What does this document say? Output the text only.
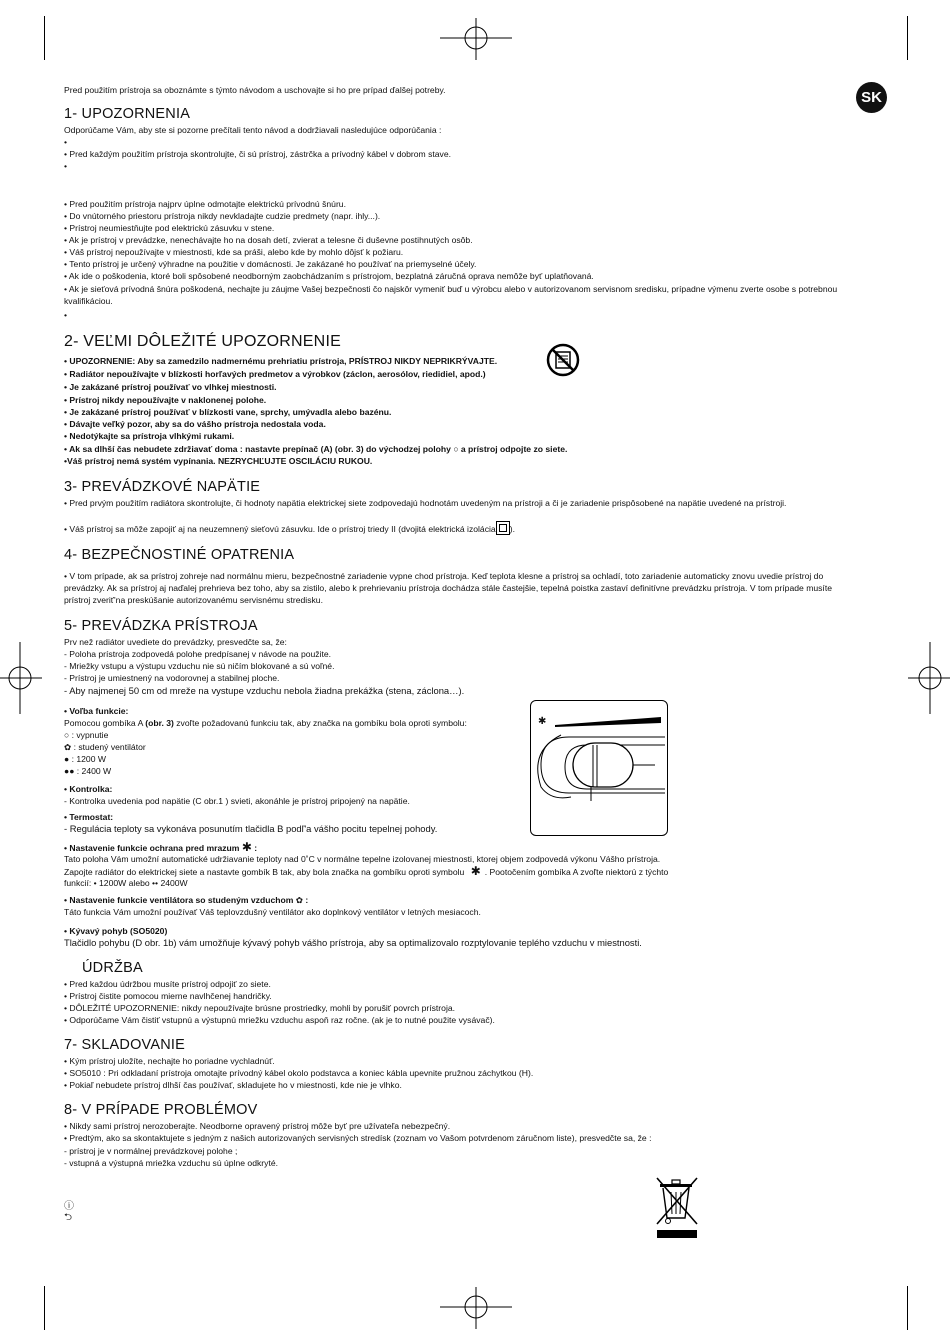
SK

Pred použitím prístroja sa oboznámte s týmto návodom a uschovajte si ho pre prípad ďalšej potreby.

1- UPOZORNENIA

Odporúčame Vám, aby ste si pozorne prečítali tento návod a dodržiavali nasledujúce odporúčania :

•

• Pred každým použitím prístroja skontrolujte, či sú prístroj, zástrčka a prívodný kábel v dobrom stave.

•

• Pred použitím prístroja najprv úplne odmotajte elektrickú prívodnú šnúru.

• Do vnútorného priestoru prístroja nikdy nevkladajte cudzie predmety (napr. ihly...).

• Prístroj neumiestňujte pod elektrickú zásuvku v stene.

• Ak je prístroj v prevádzke, nenechávajte ho na dosah detí, zvierat a telesne či duševne postihnutých osôb.

• Váš prístroj nepoužívajte v miestnosti, kde sa práši, alebo kde by mohlo dôjsť k požiaru.

• Tento prístroj je určený výhradne na použitie v domácnosti. Je zakázané ho používať na priemyselné účely.

• Ak ide o poškodenia, ktoré boli spôsobené neodborným zaobchádzaním s prístrojom, bezplatná záručná oprava nemôže byť uplatňovaná.

• Ak je sieťová prívodná šnúra poškodená, nechajte ju záujme Vašej bezpečnosti čo najskôr vymeniť buď u výrobcu alebo v autorizovanom servisnom sredisku, prípadne výmenu zverte osobe s potrebnou kvalifikáciou.

•

2- VEĽMI DÔLEŽITÉ UPOZORNENIE

• UPOZORNENIE: Aby sa zamedzilo nadmernému prehriatiu prístroja, PRÍSTROJ NIKDY NEPRIKRÝVAJTE.

• Radiátor nepoužívajte v blízkosti horľavých predmetov a výrobkov (záclon, aerosólov, riedidiel, apod.)

• Je zakázané prístroj používať vo vlhkej miestnosti.

• Prístroj nikdy nepoužívajte v naklonenej polohe.

• Je zakázané prístroj používať v blízkosti vane, sprchy, umývadla alebo bazénu.

• Dávajte veľký pozor, aby sa do vášho prístroja nedostala voda.

• Nedotýkajte sa prístroja vlhkými rukami.

• Ak sa dlhší čas nebudete zdržiavať doma : nastavte prepínač (A) (obr. 3) do východzej polohy ○ a prístroj odpojte zo siete.

•Váš prístroj nemá systém vypínania. NEZRYCHĽUJTE OSCILÁCIU RUKOU.

3- PREVÁDZKOVÉ NAPÄTIE

• Pred prvým použitím radiátora skontrolujte, či hodnoty napätia elektrickej siete zodpovedajú hodnotám uvedeným na prístroji a či je zariadenie prispôsobené na napätie uvedené na prístroji.

• Váš prístroj sa môže zapojiť aj na neuzemnený sieťovú zásuvku. Ide o prístroj triedy II (dvojitá elektrická izolácia ).

4- BEZPEČNOSTINÉ OPATRENIA

• V tom prípade, ak sa prístroj zohreje nad normálnu mieru, bezpečnostné zariadenie vypne chod prístroja. Keď teplota klesne a prístroj sa ochladí, toto zariadenie automaticky znovu uvedie prístroj do prevádzky. Ak sa prístroj aj naďalej prehrieva bez toho, aby sa zistilo, alebo k prehrievaniu prístroja dochádza stále častejšie, tepelná poistka zastaví definitívne prevádzku prístroja. V tom prípade musíte prístroj zveriť'na preskúšanie autorizovanému servisnému stredisku.

5- PREVÁDZKA PRÍSTROJA

Prv než radiátor uvediete do prevádzky, presvedčte sa, že:

- Poloha prístroja zodpovedá polohe predpísanej v návode na použite.

- Mriežky vstupu a výstupu vzduchu nie sú ničím blokované a sú voľné.

- Prístroj je umiestnený na vodorovnej a stabilnej ploche.

- Aby najmenej 50 cm od mreže na vystupe vzduchu nebola žiadna prekážka (stena, záclona…).

• Voľba funkcie:

Pomocou gombíka A (obr. 3) zvoľte požadovanú funkciu tak, aby značka na gombíku bola oproti symbolu:

○ : vypnutie

✿ : studený ventilátor

● : 1200 W

●● : 2400 W

• Kontrolka:

- Kontrolka uvedenia pod napätie (C obr.1 ) svieti, akonáhle je prístroj pripojený na napätie.

• Termostat:

- Regulácia teploty sa vykonáva posunutím tlačidla B podľ'a vášho pocitu tepelnej pohody.

✱

• Nastavenie funkcie ochrana pred mrazum ✱ :

Tato poloha Vám umožní automatické udržiavanie teploty nad 0˚C v normálne tepelne izolovanej miestnosti, ktorej objem zodpovedá výkonu Vášho prístroja.

Zapojte radiátor do elektrickej siete a nastavte gombík B tak, aby bola značka na gombíku oproti symbolu ✱ . Pootočením gombíka A zvoľte niektorú z týchto

funkcií: • 1200W alebo •• 2400W

• Nastavenie funkcie ventilátora so studeným vzduchom ✿ :

Táto funkcia Vám umožní používať Váš teplovzdušný ventilátor ako doplnkový ventilátor v letných mesiacoch.

• Kývavý pohyb (SO5020)

Tlačidlo pohybu (D obr. 1b) vám umožňuje kývavý pohyb vášho prístroja, aby sa optimalizovalo rozptylovanie teplého vzduchu v miestnosti.

ÚDRŽBA

• Pred každou údržbou musíte prístroj odpojiť zo siete.

• Prístroj čistite pomocou mierne navlhčenej handričky.

• DÔLEŽITÉ UPOZORNENIE: nikdy nepoužívajte brúsne prostriedky, mohli by porušiť povrch prístroja.

• Odporúčame Vám čistiť vstupnú a výstupnú mriežku vzduchu aspoň raz ročne. (ak je to nutné použite vysávač).

7- SKLADOVANIE

• Kým prístroj uložíte, nechajte ho poriadne vychladnúť.

• SO5010 : Pri odkladaní prístroja omotajte prívodný kábel okolo podstavca a koniec kábla upevnite pružnou záchytkou (H).

• Pokiaľ nebudete prístroj dlhší čas používať, skladujete ho v miestnosti, kde nie je vlhko.

8- V PRÍPADE PROBLÉMOV

• Nikdy sami prístroj nerozoberajte. Neodborne opravený prístroj môže byť pre užívateľa nebezpečný.

• Predtým, ako sa skontaktujete s jedným z našich autorizovaných servisných stredísk (zoznam vo Vašom potvrdenom záručnom liste), presvedčte sa, že :

- prístroj je v normálnej prevádzkovej polohe ;

- vstupná a výstupná mriežka vzduchu sú úplne odkryté.

ⓘ
⮌
